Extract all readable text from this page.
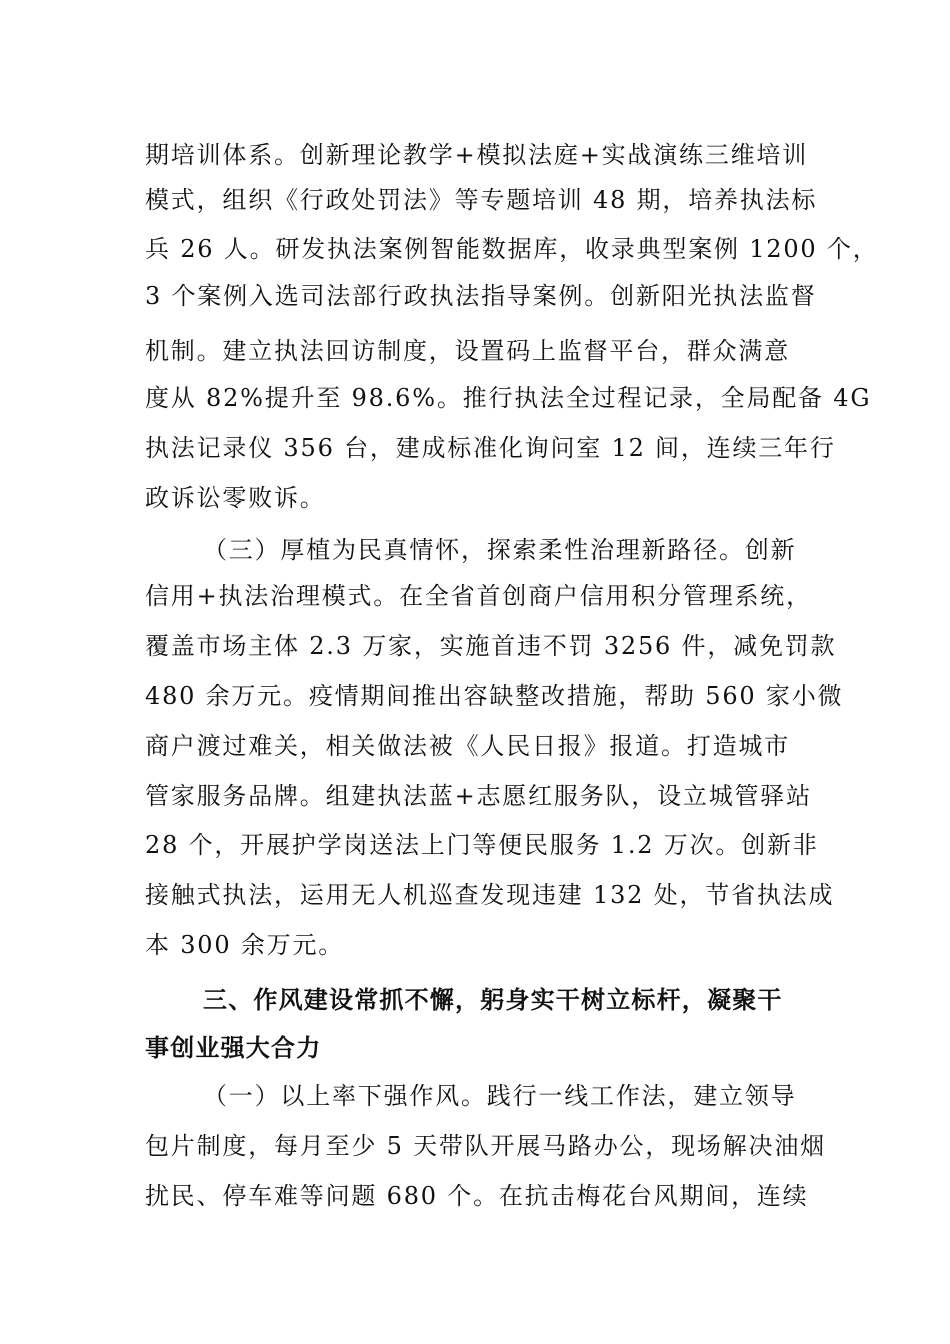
期培训体系。创新理论教学+模拟法庭+实战演练三维培训
模式，组织《行政处罚法》等专题培训 48 期，培养执法标
兵 26 人。研发执法案例智能数据库，收录典型案例 1200 个，
3 个案例入选司法部行政执法指导案例。创新阳光执法监督
机制。建立执法回访制度，设置码上监督平台，群众满意
度从 82%提升至 98.6%。推行执法全过程记录，全局配备 4G
执法记录仪 356 台，建成标准化询问室 12 间，连续三年行
政诉讼零败诉。
（三）厚植为民真情怀，探索柔性治理新路径。创新
信用+执法治理模式。在全省首创商户信用积分管理系统，
覆盖市场主体 2.3 万家，实施首违不罚 3256 件，减免罚款
480 余万元。疫情期间推出容缺整改措施，帮助 560 家小微
商户渡过难关，相关做法被《人民日报》报道。打造城市
管家服务品牌。组建执法蓝+志愿红服务队，设立城管驿站
28 个，开展护学岗送法上门等便民服务 1.2 万次。创新非
接触式执法，运用无人机巡查发现违建 132 处，节省执法成
本 300 余万元。
三、作风建设常抓不懈，躬身实干树立标杆，凝聚干
事创业强大合力
（一）以上率下强作风。践行一线工作法，建立领导
包片制度，每月至少 5 天带队开展马路办公，现场解决油烟
扰民、停车难等问题 680 个。在抗击梅花台风期间，连续
